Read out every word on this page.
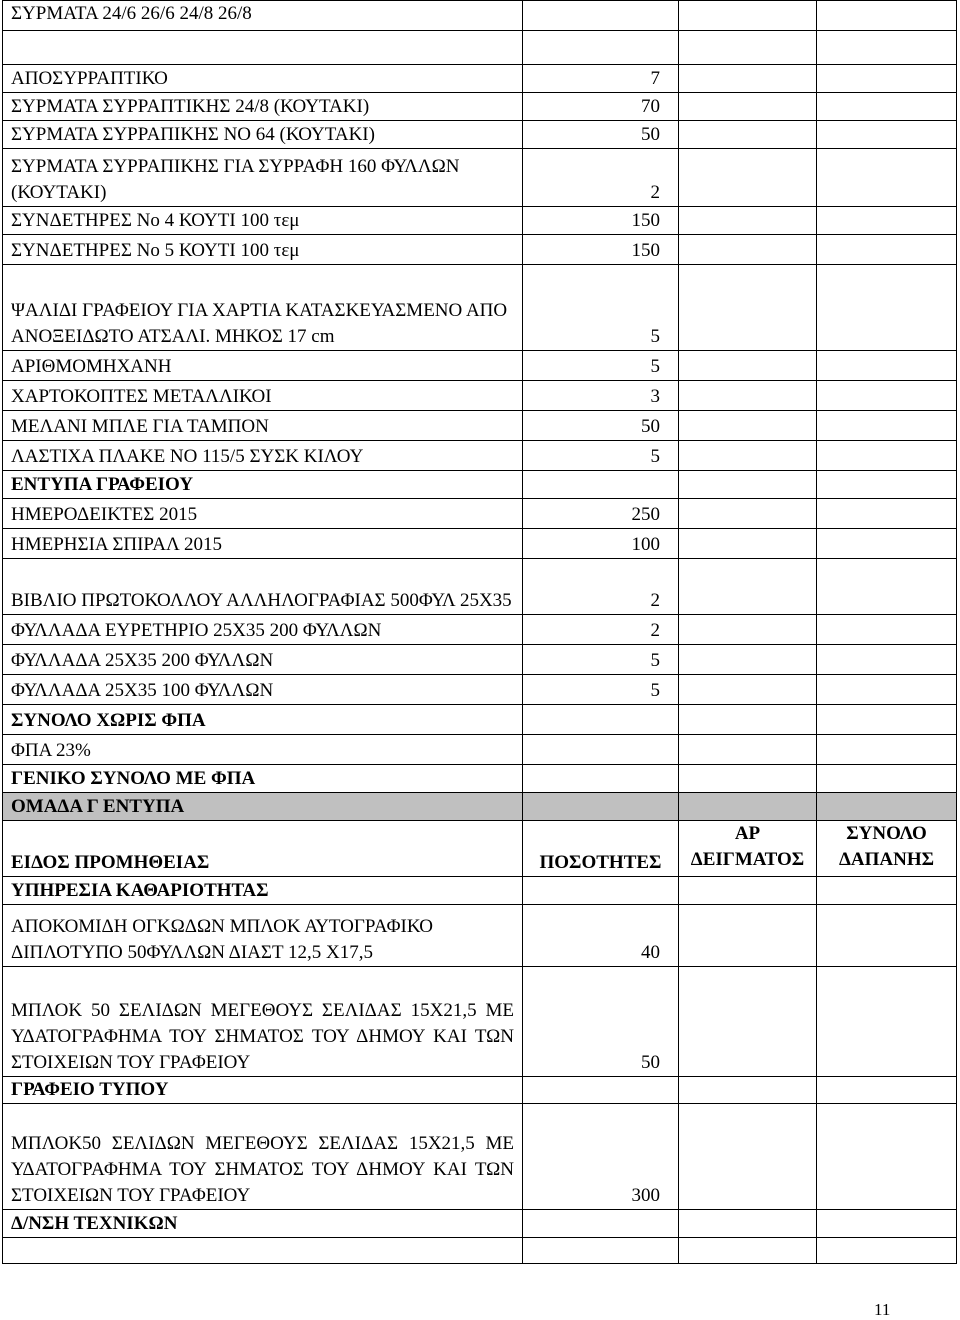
ΣΥΡΜΑΤΑ 24/6 26/6 24/8 26/8			

ΑΠΟΣΥΡΡΑΠΤΙΚΟ	7		
ΣΥΡΜΑΤΑ ΣΥΡΡΑΠΤΙΚΗΣ 24/8 (ΚΟΥΤΑΚΙ)	70		
ΣΥΡΜΑΤΑ ΣΥΡΡΑΠΙΚΗΣ ΝΟ 64 (ΚΟΥΤΑΚΙ)	50		
ΣΥΡΜΑΤΑ ΣΥΡΡΑΠΙΚΗΣ ΓΙΑ ΣΥΡΡΑΦΗ 160 ΦΥΛΛΩΝ (ΚΟΥΤΑΚΙ)	2		
ΣΥΝΔΕΤΗΡΕΣ Νο 4 ΚΟΥΤΙ 100 τεμ	150		
ΣΥΝΔΕΤΗΡΕΣ Νο 5 ΚΟΥΤΙ 100 τεμ	150		
ΨΑΛΙΔΙ ΓΡΑΦΕΙΟΥ ΓΙΑ ΧΑΡΤΙΑ ΚΑΤΑΣΚΕΥΑΣΜΕΝΟ ΑΠΟ ΑΝΟΞΕΙΔΩΤΟ ΑΤΣΑΛΙ. ΜΗΚΟΣ 17 cm	5		
ΑΡΙΘΜΟΜΗΧΑΝΗ	5		
ΧΑΡΤΟΚΟΠΤΕΣ ΜΕΤΑΛΛΙΚΟΙ	3		
ΜΕΛΑΝΙ ΜΠΛΕ ΓΙΑ ΤΑΜΠΟΝ	50		
ΛΑΣΤΙΧΑ ΠΛΑΚΕ ΝΟ 115/5 ΣΥΣΚ ΚΙΛΟΥ	5		
ΕΝΤΥΠΑ ΓΡΑΦΕΙΟΥ			
ΗΜΕΡΟΔΕΙΚΤΕΣ 2015	250		
ΗΜΕΡΗΣΙΑ ΣΠΙΡΑΛ 2015	100		
ΒΙΒΛΙΟ ΠΡΩΤΟΚΟΛΛΟΥ ΑΛΛΗΛΟΓΡΑΦΙΑΣ 500ΦΥΛ 25Χ35	2		
ΦΥΛΛΑΔΑ ΕΥΡΕΤΗΡΙΟ 25Χ35 200 ΦΥΛΛΩΝ	2		
ΦΥΛΛΑΔΑ 25Χ35 200 ΦΥΛΛΩΝ	5		
ΦΥΛΛΑΔΑ 25Χ35 100 ΦΥΛΛΩΝ	5		
ΣΥΝΟΛΟ ΧΩΡΙΣ ΦΠΑ			
ΦΠΑ 23%			
ΓΕΝΙΚΟ ΣΥΝΟΛΟ ΜΕ ΦΠΑ			
ΟΜΑΔΑ Γ ΕΝΤΥΠΑ			
ΕΙΔΟΣ ΠΡΟΜΗΘΕΙΑΣ	ΠΟΣΟΤΗΤΕΣ	ΑΡ ΔΕΙΓΜΑΤΟΣ	ΣΥΝΟΛΟ ΔΑΠΑΝΗΣ
ΥΠΗΡΕΣΙΑ ΚΑΘΑΡΙΟΤΗΤΑΣ			
ΑΠΟΚΟΜΙΔΗ ΟΓΚΩΔΩΝ ΜΠΛΟΚ ΑΥΤΟΓΡΑΦΙΚΟ ΔΙΠΛΟΤΥΠΟ 50ΦΥΛΛΩΝ ΔΙΑΣΤ 12,5 Χ17,5	40		
ΜΠΛΟΚ 50 ΣΕΛΙΔΩΝ ΜΕΓΕΘΟΥΣ ΣΕΛΙΔΑΣ 15Χ21,5 ΜΕ ΥΔΑΤΟΓΡΑΦΗΜΑ ΤΟΥ ΣΗΜΑΤΟΣ ΤΟΥ ΔΗΜΟΥ ΚΑΙ ΤΩΝ ΣΤΟΙΧΕΙΩΝ ΤΟΥ ΓΡΑΦΕΙΟΥ	50		
ΓΡΑΦΕΙΟ ΤΥΠΟΥ			
ΜΠΛΟΚ50 ΣΕΛΙΔΩΝ ΜΕΓΕΘΟΥΣ ΣΕΛΙΔΑΣ 15Χ21,5 ΜΕ ΥΔΑΤΟΓΡΑΦΗΜΑ ΤΟΥ ΣΗΜΑΤΟΣ ΤΟΥ ΔΗΜΟΥ ΚΑΙ ΤΩΝ ΣΤΟΙΧΕΙΩΝ ΤΟΥ ΓΡΑΦΕΙΟΥ	300		
Δ/ΝΣΗ ΤΕΧΝΙΚΩΝ			

11
